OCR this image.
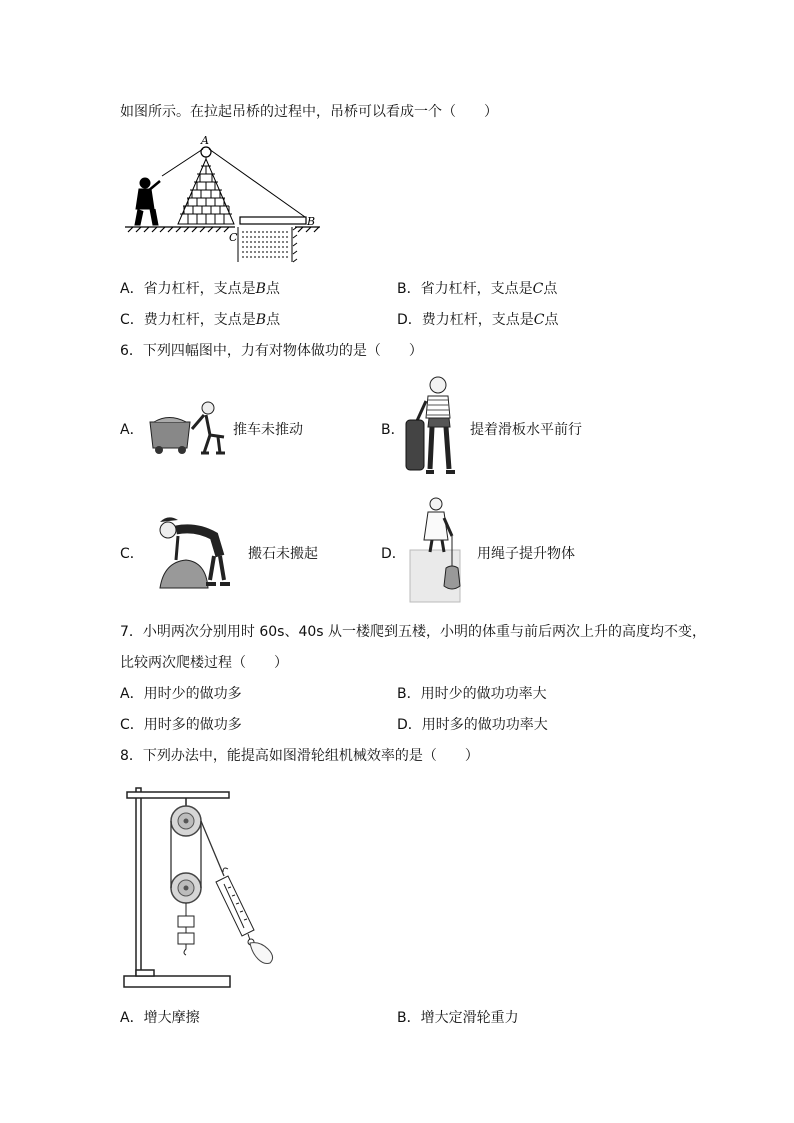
如图所示。在拉起吊桥的过程中，吊桥可以看成一个（　　）
A
B
C
A．省力杠杆，支点是B点	B．省力杠杆，支点是C点
C．费力杠杆，支点是B点	D．费力杠杆，支点是C点
6．下列四幅图中，力有对物体做功的是（　　）
A．	推车未推动	B．	提着滑板水平前行
C．	搬石未搬起	D．	用绳子提升物体
7．小明两次分别用时 60s、40s 从一楼爬到五楼，小明的体重与前后两次上升的高度均不变，
比较两次爬楼过程（　　）
A．用时少的做功多	B．用时少的做功功率大
C．用时多的做功多	D．用时多的做功功率大
8．下列办法中，能提高如图滑轮组机械效率的是（　　）
A．增大摩擦	B．增大定滑轮重力
